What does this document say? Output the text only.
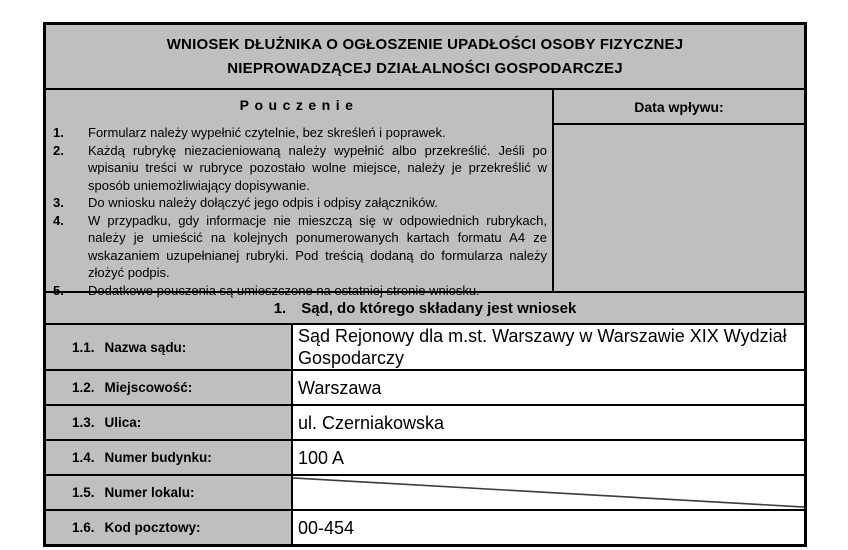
WNIOSEK DŁUŻNIKA O OGŁOSZENIE UPADŁOŚCI OSOBY FIZYCZNEJ
NIEPROWADZĄCEJ DZIAŁALNOŚCI GOSPODARCZEJ
Pouczenie
1.	Formularz należy wypełnić czytelnie, bez skreśleń i poprawek.
2.	Każdą rubrykę niezacieniowaną należy wypełnić albo przekreślić. Jeśli po wpisaniu treści w rubryce pozostało wolne miejsce, należy je przekreślić w sposób uniemożliwiający dopisywanie.
3.	Do wniosku należy dołączyć jego odpis i odpisy załączników.
4.	W przypadku, gdy informacje nie mieszczą się w odpowiednich rubrykach, należy je umieścić na kolejnych ponumerowanych kartach formatu A4 ze wskazaniem uzupełnianej rubryki. Pod treścią dodaną do formularza należy złożyć podpis.
5.	Dodatkowe pouczenia są umieszczone na ostatniej stronie wniosku.
Data wpływu:
1. Sąd, do którego składany jest wniosek
1.1. Nazwa sądu:
Sąd Rejonowy dla m.st. Warszawy w Warszawie XIX Wydział Gospodarczy
1.2. Miejscowość:	Warszawa
1.3. Ulica:	ul. Czerniakowska
1.4. Numer budynku:	100 A
1.5. Numer lokalu:
1.6. Kod pocztowy:	00-454
